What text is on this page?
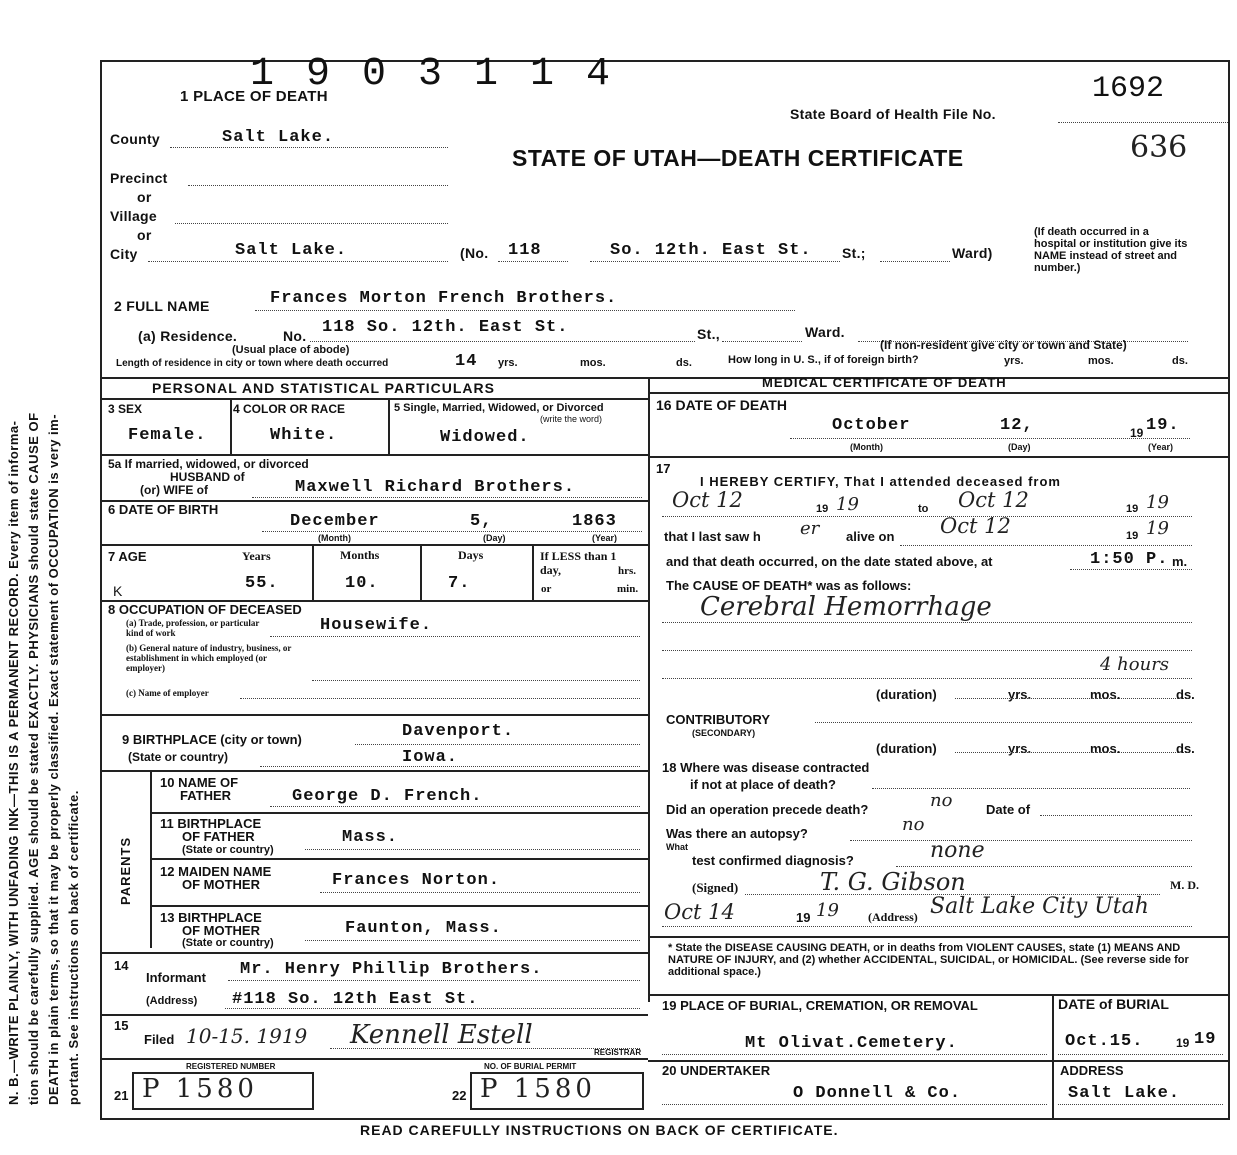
N. B.—WRITE PLAINLY, WITH UNFADING INK—THIS IS A PERMANENT RECORD. Every item of informa- tion should be carefully supplied. AGE should be stated EXACTLY. PHYSICIANS should state CAUSE OF DEATH in plain terms, so that it may be properly classified. Exact statement of OCCUPATION is very im- portant. See instructions on back of certificate.
1 9 0 3 1 1 4
1 PLACE OF DEATH	1692
State Board of Health File No.
636
STATE OF UTAH—DEATH CERTIFICATE
County	Salt Lake.
Precinct
or
Village
or
City	Salt Lake.	(No. 118	So. 12th. East St. St.;	Ward)
(If death occurred in a hospital or institution give its NAME instead of street and number.)
2 FULL NAME	Frances Morton French Brothers.
(a) Residence.	No. 118 So. 12th. East St.	St.,	Ward.
(Usual place of abode)	(If non-resident give city or town and State)
Length of residence in city or town where death occurred	14 yrs.	mos.	ds.	How long in U. S., if of foreign birth?	yrs.	mos.	ds.
PERSONAL AND STATISTICAL PARTICULARS	MEDICAL CERTIFICATE OF DEATH
3 SEX
Female.
4 COLOR OR RACE
White.
5 Single, Married, Widowed, or Divorced
(write the word)
Widowed.
5a If married, widowed, or divorced
HUSBAND of
(or) WIFE of	Maxwell Richard Brothers.
6 DATE OF BIRTH
December	5,	1863
(Month)	(Day)	(Year)
7 AGE
K
Years	Months	Days
55.	10.	7.
If LESS than 1 day,	hrs.
or	min.
8 OCCUPATION OF DECEASED
(a) Trade, profession, or particular kind of work	Housewife.
(b) General nature of industry, business, or establishment in which employed (or employer)
(c) Name of employer
9 BIRTHPLACE (city or town)	Davenport.
(State or country)	Iowa.
PARENTS
10 NAME OF
FATHER	George D. French.
11 BIRTHPLACE
OF FATHER
(State or country)
Mass.
12 MAIDEN NAME
OF MOTHER	Frances Norton.
13 BIRTHPLACE
OF MOTHER
(State or country)
Faunton, Mass.
14
Informant Mr. Henry Phillip Brothers.
(Address) #118 So. 12th East St.
15
Filed 10-15. 1919 Kennell Estell
REGISTRAR
REGISTERED NUMBER
21 P 1580
NO. OF BURIAL PERMIT
22 P 1580
16 DATE OF DEATH
October	12,	19 19.
(Month)	(Day)	(Year)
17
I HEREBY CERTIFY, That I attended deceased from
Oct 12	19 19	to Oct 12	19 19
that I last saw h er alive on Oct 12	19 19
and that death occurred, on the date stated above, at	1:50 P. m.
The CAUSE OF DEATH* was as follows:
Cerebral Hemorrhage
4 hours
(duration)	yrs.	mos.	ds.
CONTRIBUTORY
(SECONDARY)
(duration)	yrs.	mos.	ds.
18 Where was disease contracted
if not at place of death?
Did an operation precede death?	no	Date of
Was there an autopsy?	no
What
test confirmed diagnosis?	none
(Signed)	T. G. Gibson	M. D.
Oct 14	19 19 (Address) Salt Lake City Utah
* State the DISEASE CAUSING DEATH, or in deaths from VIOLENT CAUSES, state (1) MEANS AND NATURE OF INJURY, and (2) whether ACCIDENTAL, SUICIDAL, or HOMICIDAL. (See reverse side for additional space.)
19 PLACE OF BURIAL, CREMATION, OR REMOVAL
Mt Olivat.Cemetery.
DATE of BURIAL
Oct.15.	19 19
20 UNDERTAKER
O Donnell & Co.
ADDRESS
Salt Lake.
READ CAREFULLY INSTRUCTIONS ON BACK OF CERTIFICATE.
